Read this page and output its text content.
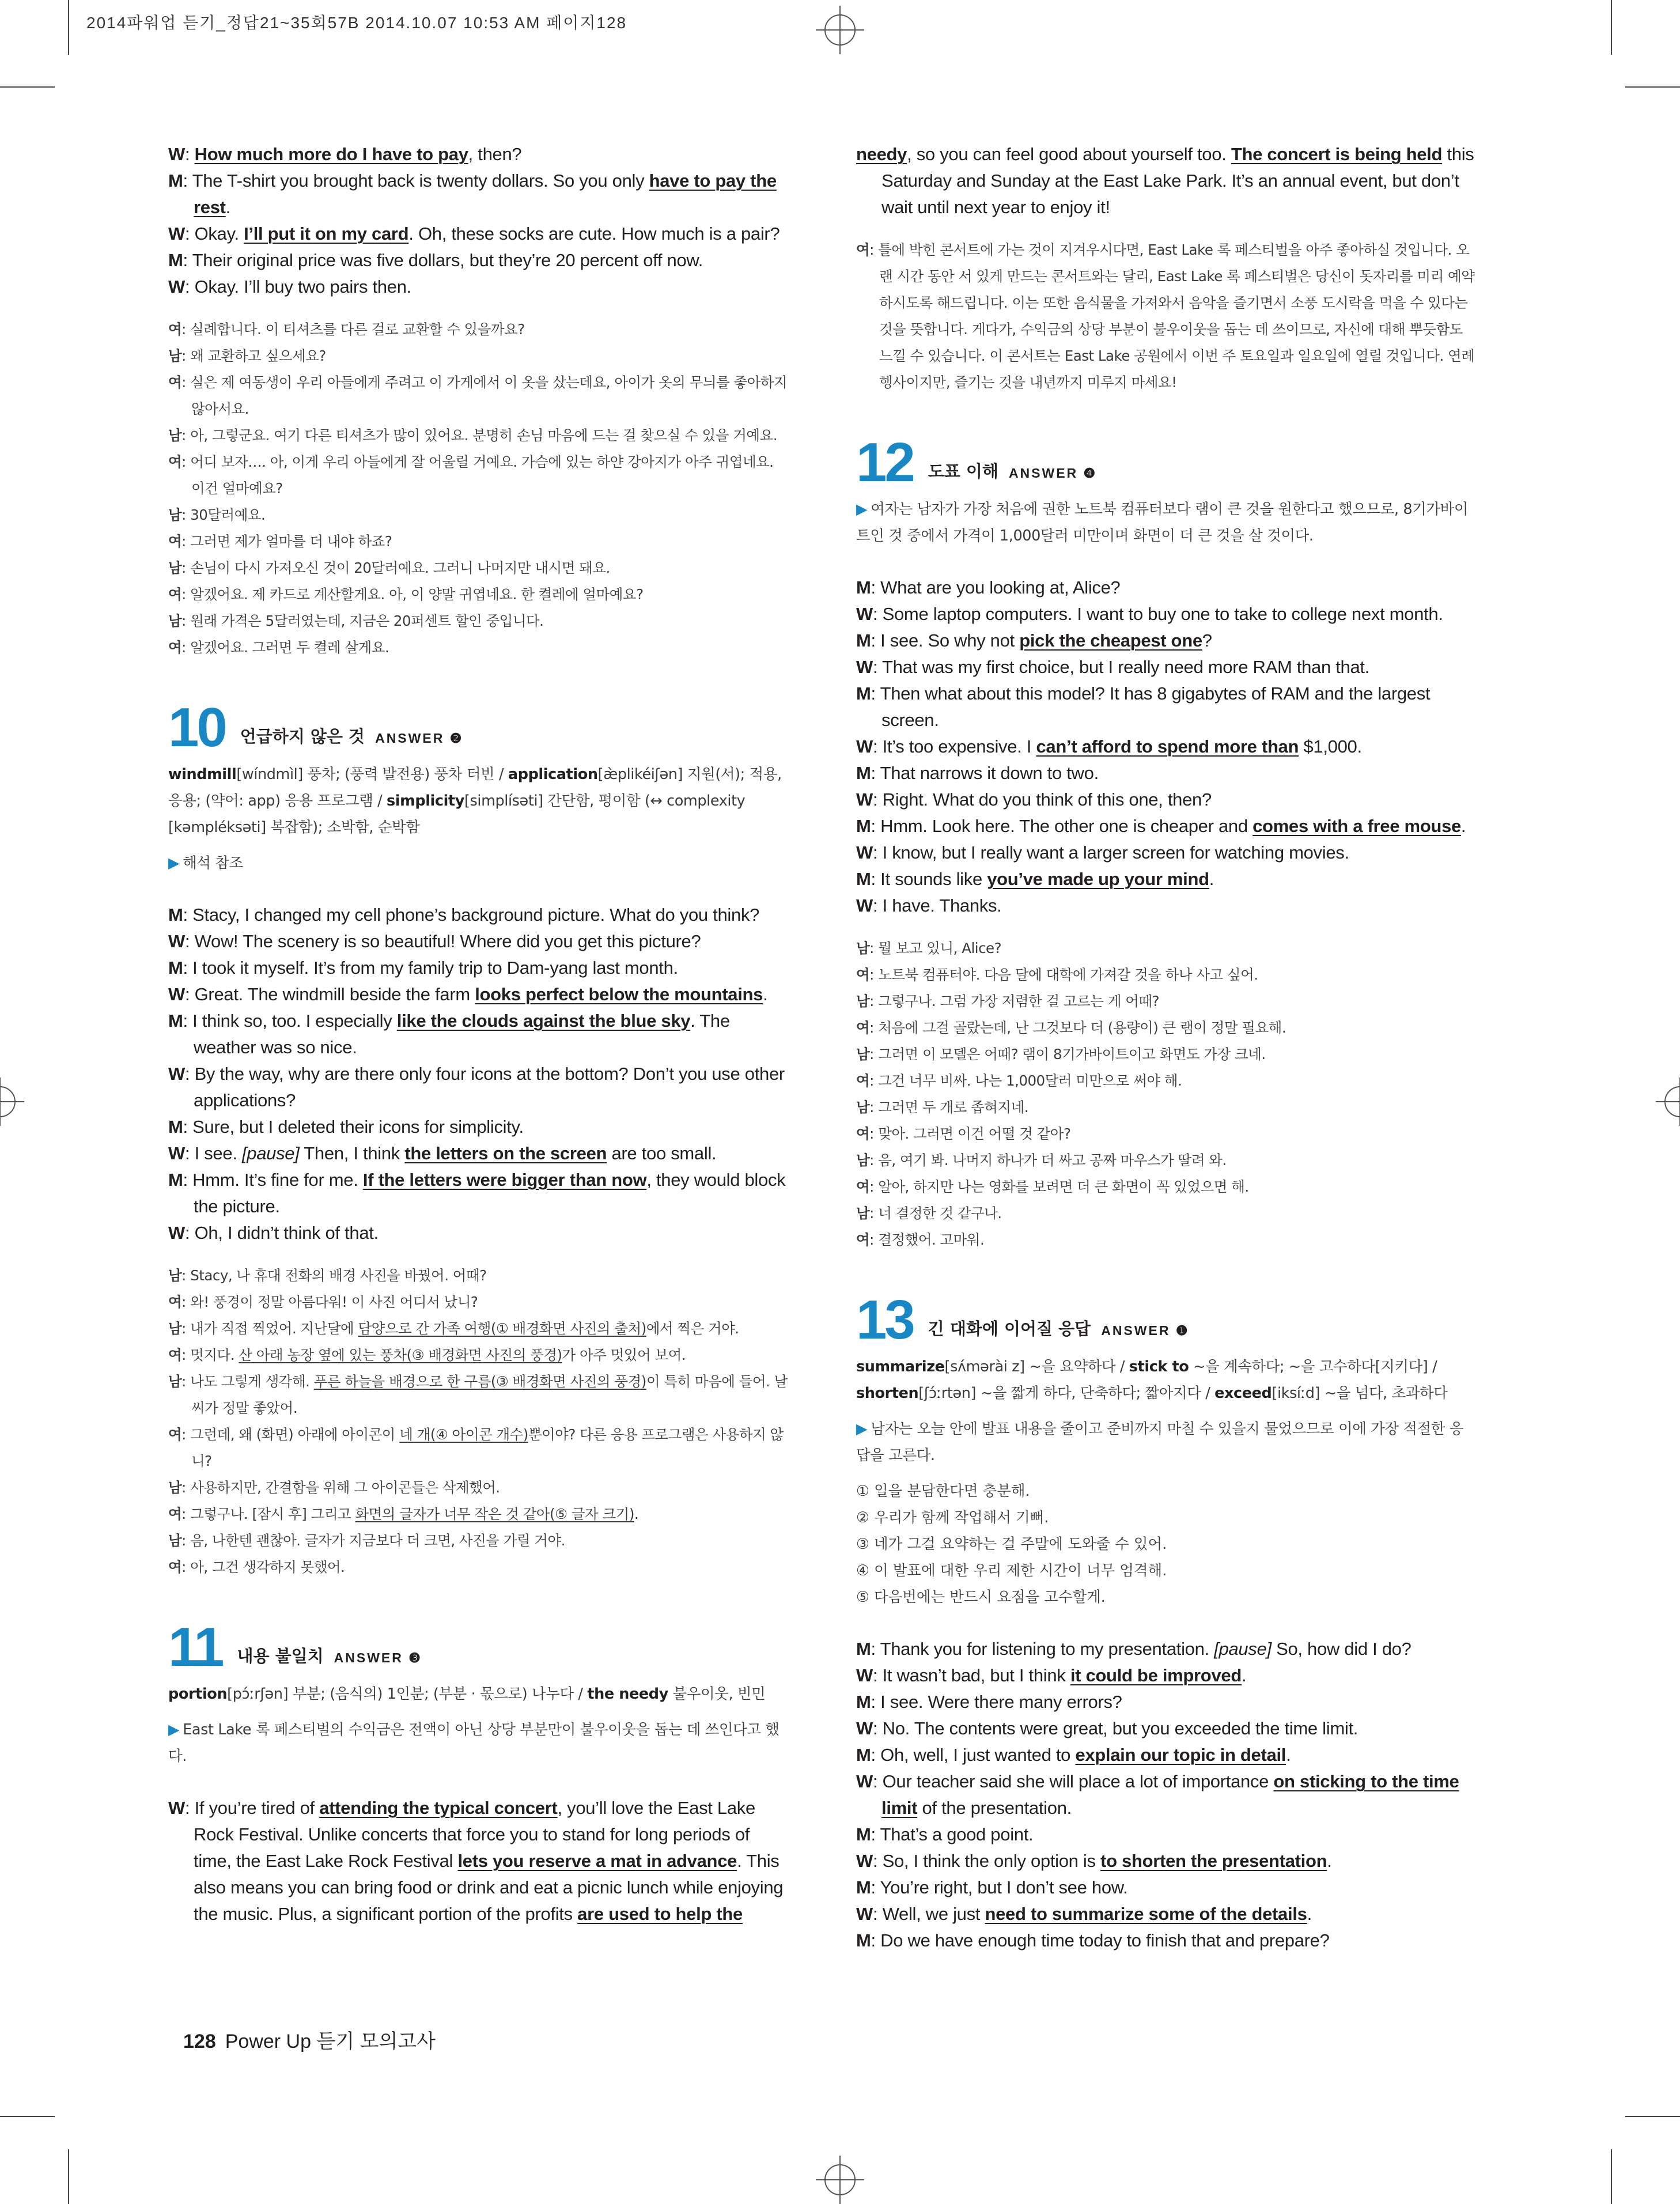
2014파워업 듣기_정답21~35회57B 2014.10.07 10:53 AM 페이지128
W: How much more do I have to pay, then?
M: The T-shirt you brought back is twenty dollars. So you only have to pay the rest.
W: Okay. I’ll put it on my card. Oh, these socks are cute. How much is a pair?
M: Their original price was five dollars, but they’re 20 percent off now.
W: Okay. I’ll buy two pairs then.
여: 실례합니다. 이 티셔츠를 다른 걸로 교환할 수 있을까요?
남: 왜 교환하고 싶으세요?
여: 실은 제 여동생이 우리 아들에게 주려고 이 가게에서 이 옷을 샀는데요, 아이가 옷의 무늬를 좋아하지 않아서요.
남: 아, 그렇군요. 여기 다른 티셔츠가 많이 있어요. 분명히 손님 마음에 드는 걸 찾으실 수 있을 거예요.
여: 어디 보자…. 아, 이게 우리 아들에게 잘 어울릴 거예요. 가슴에 있는 하얀 강아지가 아주 귀엽네요. 이건 얼마예요?
남: 30달러예요.
여: 그러면 제가 얼마를 더 내야 하죠?
남: 손님이 다시 가져오신 것이 20달러예요. 그러니 나머지만 내시면 돼요.
여: 알겠어요. 제 카드로 계산할게요. 아, 이 양말 귀엽네요. 한 켤레에 얼마예요?
남: 원래 가격은 5달러였는데, 지금은 20퍼센트 할인 중입니다.
여: 알겠어요. 그러면 두 켤레 살게요.
10 언급하지 않은 것 ANSWER ❷
windmill[wíndmìl] 풍차; (풍력 발전용) 풍차 터빈 / application[æ̀plikéiʃən] 지원(서); 적용, 응용; (약어: app) 응용 프로그램 / simplicity[simplísəti] 간단함, 평이함 (↔ complexity [kəmpléksəti] 복잡함); 소박함, 순박함
▶ 해석 참조
M: Stacy, I changed my cell phone’s background picture. What do you think?
W: Wow! The scenery is so beautiful! Where did you get this picture?
M: I took it myself. It’s from my family trip to Dam-yang last month.
W: Great. The windmill beside the farm looks perfect below the mountains.
M: I think so, too. I especially like the clouds against the blue sky. The weather was so nice.
W: By the way, why are there only four icons at the bottom? Don’t you use other applications?
M: Sure, but I deleted their icons for simplicity.
W: I see. [pause] Then, I think the letters on the screen are too small.
M: Hmm. It’s fine for me. If the letters were bigger than now, they would block the picture.
W: Oh, I didn’t think of that.
남: Stacy, 나 휴대 전화의 배경 사진을 바꿨어. 어때?
여: 와! 풍경이 정말 아름다워! 이 사진 어디서 났니?
남: 내가 직접 찍었어. 지난달에 담양으로 간 가족 여행(① 배경화면 사진의 출처)에서 찍은 거야.
여: 멋지다. 산 아래 농장 옆에 있는 풍차(③ 배경화면 사진의 풍경)가 아주 멋있어 보여.
남: 나도 그렇게 생각해. 푸른 하늘을 배경으로 한 구름(③ 배경화면 사진의 풍경)이 특히 마음에 들어. 날씨가 정말 좋았어.
여: 그런데, 왜 (화면) 아래에 아이콘이 네 개(④ 아이콘 개수)뿐이야? 다른 응용 프로그램은 사용하지 않니?
남: 사용하지만, 간결함을 위해 그 아이콘들은 삭제했어.
여: 그렇구나. [잠시 후] 그리고 화면의 글자가 너무 작은 것 같아(⑤ 글자 크기).
남: 음, 나한텐 괜찮아. 글자가 지금보다 더 크면, 사진을 가릴 거야.
여: 아, 그건 생각하지 못했어.
11 내용 불일치 ANSWER ❸
portion[pɔ́ːrʃən] 부분; (음식의) 1인분; (부분 · 몫으로) 나누다 / the needy 불우이웃, 빈민
▶ East Lake 록 페스티벌의 수익금은 전액이 아닌 상당 부분만이 불우이웃을 돕는 데 쓰인다고 했다.
W: If you’re tired of attending the typical concert, you’ll love the East Lake Rock Festival. Unlike concerts that force you to stand for long periods of time, the East Lake Rock Festival lets you reserve a mat in advance. This also means you can bring food or drink and eat a picnic lunch while enjoying the music. Plus, a significant portion of the profits are used to help the
needy, so you can feel good about yourself too. The concert is being held this Saturday and Sunday at the East Lake Park. It’s an annual event, but don’t wait until next year to enjoy it!
여: 틀에 박힌 콘서트에 가는 것이 지겨우시다면, East Lake 록 페스티벌을 아주 좋아하실 것입니다. 오랜 시간 동안 서 있게 만드는 콘서트와는 달리, East Lake 록 페스티벌은 당신이 돗자리를 미리 예약하시도록 해드립니다. 이는 또한 음식물을 가져와서 음악을 즐기면서 소풍 도시락을 먹을 수 있다는 것을 뜻합니다. 게다가, 수익금의 상당 부분이 불우이웃을 돕는 데 쓰이므로, 자신에 대해 뿌듯함도 느낄 수 있습니다. 이 콘서트는 East Lake 공원에서 이번 주 토요일과 일요일에 열릴 것입니다. 연례행사이지만, 즐기는 것을 내년까지 미루지 마세요!
12 도표 이해 ANSWER ❹
▶ 여자는 남자가 가장 처음에 권한 노트북 컴퓨터보다 램이 큰 것을 원한다고 했으므로, 8기가바이트인 것 중에서 가격이 1,000달러 미만이며 화면이 더 큰 것을 살 것이다.
M: What are you looking at, Alice?
W: Some laptop computers. I want to buy one to take to college next month.
M: I see. So why not pick the cheapest one?
W: That was my first choice, but I really need more RAM than that.
M: Then what about this model? It has 8 gigabytes of RAM and the largest screen.
W: It’s too expensive. I can’t afford to spend more than $1,000.
M: That narrows it down to two.
W: Right. What do you think of this one, then?
M: Hmm. Look here. The other one is cheaper and comes with a free mouse.
W: I know, but I really want a larger screen for watching movies.
M: It sounds like you’ve made up your mind.
W: I have. Thanks.
남: 뭘 보고 있니, Alice?
여: 노트북 컴퓨터야. 다음 달에 대학에 가져갈 것을 하나 사고 싶어.
남: 그렇구나. 그럼 가장 저렴한 걸 고르는 게 어때?
여: 처음에 그걸 골랐는데, 난 그것보다 더 (용량이) 큰 램이 정말 필요해.
남: 그러면 이 모델은 어때? 램이 8기가바이트이고 화면도 가장 크네.
여: 그건 너무 비싸. 나는 1,000달러 미만으로 써야 해.
남: 그러면 두 개로 좁혀지네.
여: 맞아. 그러면 이건 어떨 것 같아?
남: 음, 여기 봐. 나머지 하나가 더 싸고 공짜 마우스가 딸려 와.
여: 알아, 하지만 나는 영화를 보려면 더 큰 화면이 꼭 있었으면 해.
남: 너 결정한 것 같구나.
여: 결정했어. 고마워.
13 긴 대화에 이어질 응답 ANSWER ❶
summarize[sʌ́mərài z] ~을 요약하다 / stick to ~을 계속하다; ~을 고수하다[지키다] / shorten[ʃɔ́ːrtən] ~을 짧게 하다, 단축하다; 짧아지다 / exceed[iksíːd] ~을 넘다, 초과하다
▶ 남자는 오늘 안에 발표 내용을 줄이고 준비까지 마칠 수 있을지 물었으므로 이에 가장 적절한 응답을 고른다.
① 일을 분담한다면 충분해.
② 우리가 함께 작업해서 기뻐.
③ 네가 그걸 요약하는 걸 주말에 도와줄 수 있어.
④ 이 발표에 대한 우리 제한 시간이 너무 엄격해.
⑤ 다음번에는 반드시 요점을 고수할게.
M: Thank you for listening to my presentation. [pause] So, how did I do?
W: It wasn’t bad, but I think it could be improved.
M: I see. Were there many errors?
W: No. The contents were great, but you exceeded the time limit.
M: Oh, well, I just wanted to explain our topic in detail.
W: Our teacher said she will place a lot of importance on sticking to the time limit of the presentation.
M: That’s a good point.
W: So, I think the only option is to shorten the presentation.
M: You’re right, but I don’t see how.
W: Well, we just need to summarize some of the details.
M: Do we have enough time today to finish that and prepare?
128 Power Up 듣기 모의고사
